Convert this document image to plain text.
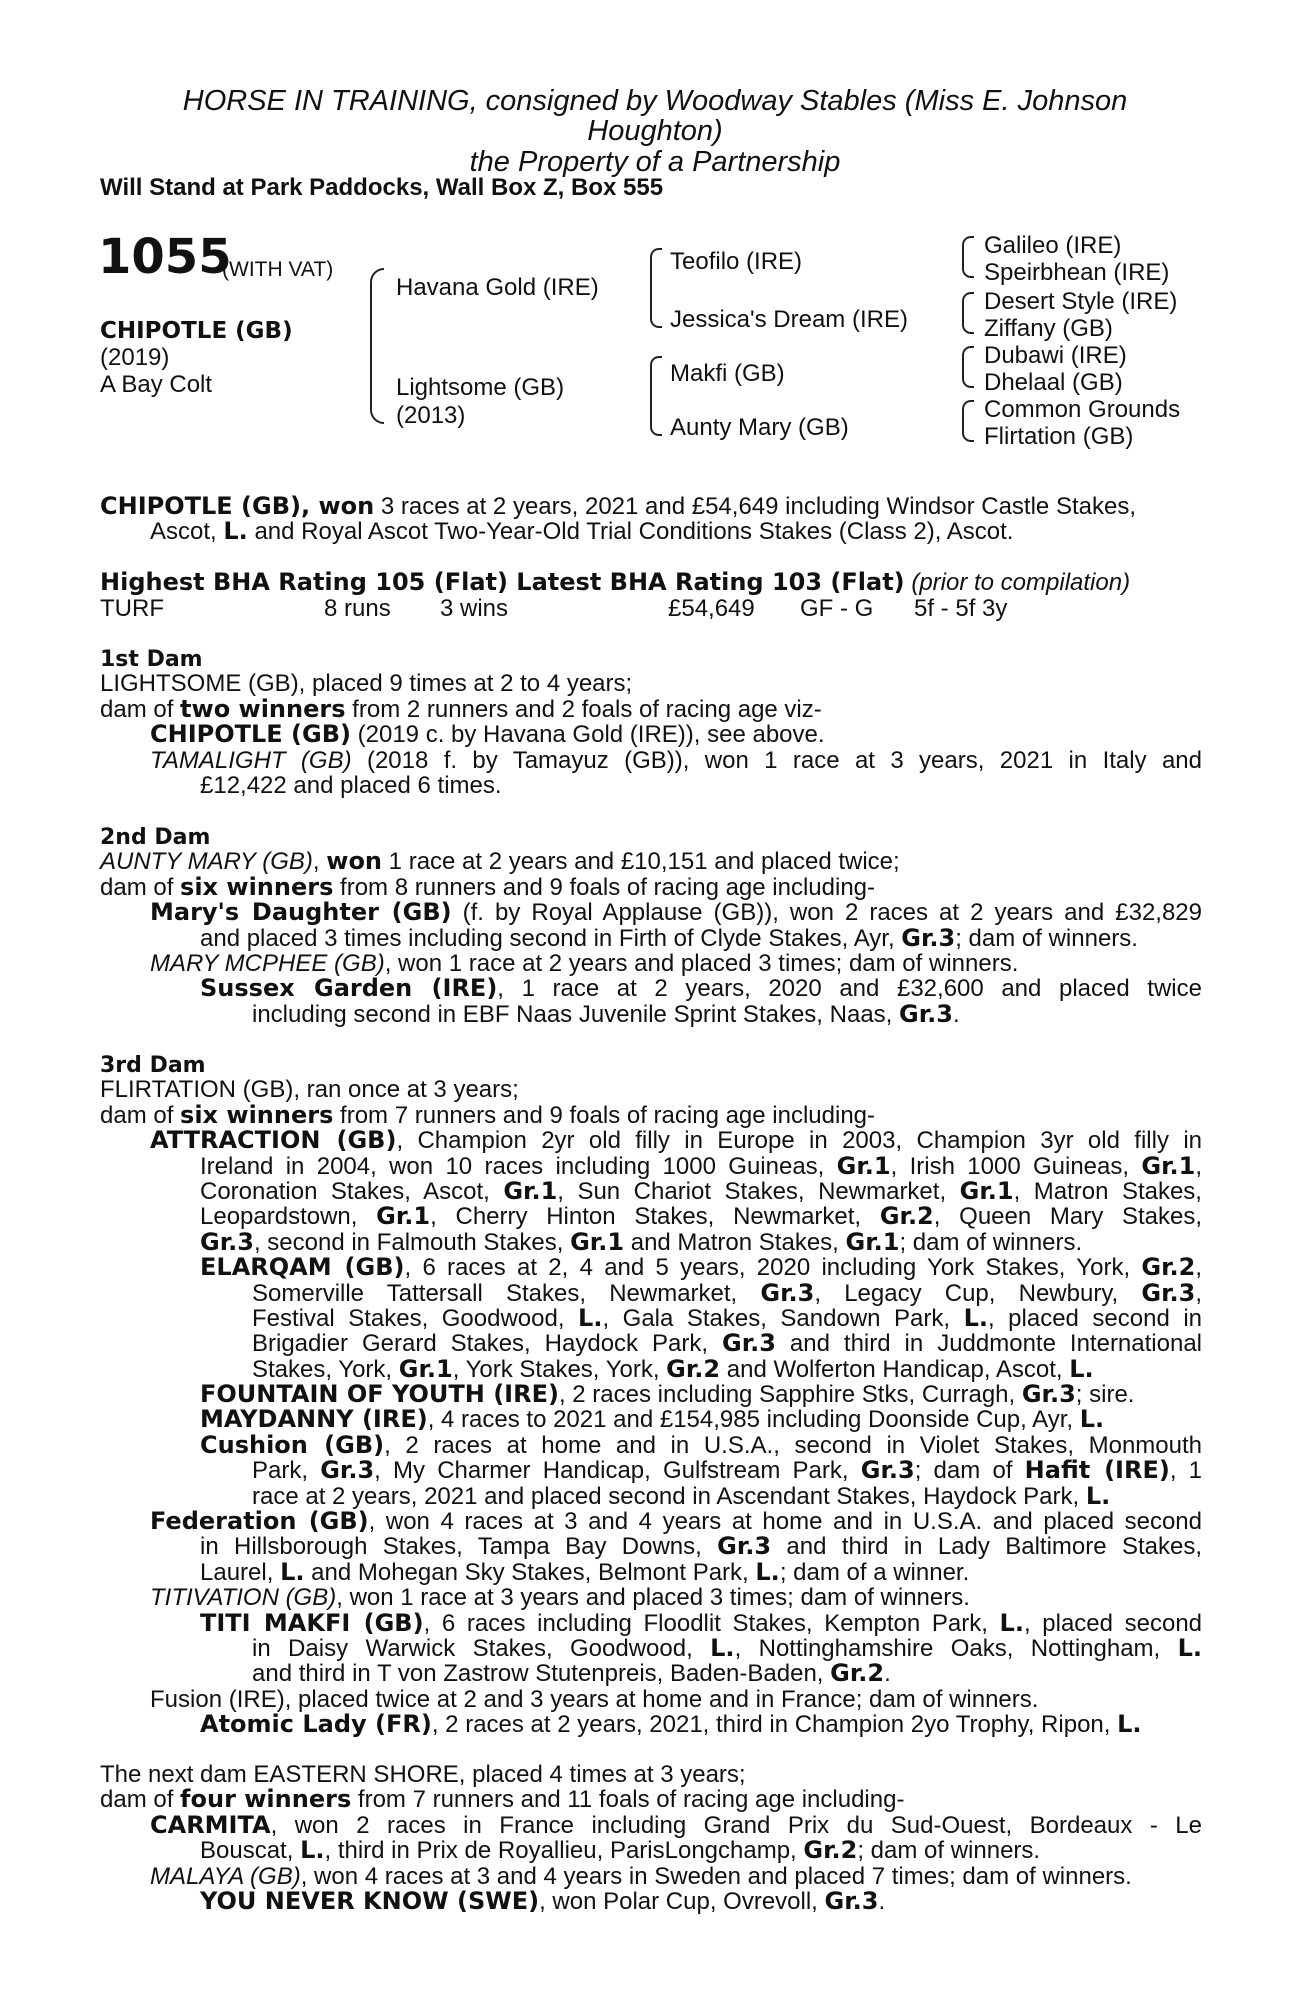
HORSE IN TRAINING, consigned by Woodway Stables (Miss E. Johnson
Houghton)
the Property of a Partnership
Will Stand at Park Paddocks, Wall Box Z, Box 555
1055
(WITH VAT)
CHIPOTLE (GB)
(2019)
A Bay Colt
Havana Gold (IRE)
Lightsome (GB)
(2013)
Teofilo (IRE)
Jessica's Dream (IRE)
Makfi (GB)
Aunty Mary (GB)
Galileo (IRE)
Speirbhean (IRE)
Desert Style (IRE)
Ziffany (GB)
Dubawi (IRE)
Dhelaal (GB)
Common Grounds
Flirtation (GB)
CHIPOTLE (GB), won 3 races at 2 years, 2021 and £54,649 including Windsor Castle Stakes,
Ascot, L. and Royal Ascot Two-Year-Old Trial Conditions Stakes (Class 2), Ascot.
Highest BHA Rating 105 (Flat) Latest BHA Rating 103 (Flat) (prior to compilation)
TURF	8 runs 3 wins	£54,649 GF - G 5f - 5f 3y
1st Dam
LIGHTSOME (GB), placed 9 times at 2 to 4 years;
dam of two winners from 2 runners and 2 foals of racing age viz-
CHIPOTLE (GB) (2019 c. by Havana Gold (IRE)), see above.
TAMALIGHT (GB) (2018 f. by Tamayuz (GB)), won 1 race at 3 years, 2021 in Italy and
£12,422 and placed 6 times.
2nd Dam
AUNTY MARY (GB), won 1 race at 2 years and £10,151 and placed twice;
dam of six winners from 8 runners and 9 foals of racing age including-
Mary's Daughter (GB) (f. by Royal Applause (GB)), won 2 races at 2 years and £32,829
and placed 3 times including second in Firth of Clyde Stakes, Ayr, Gr.3; dam of winners.
MARY MCPHEE (GB), won 1 race at 2 years and placed 3 times; dam of winners.
Sussex Garden (IRE), 1 race at 2 years, 2020 and £32,600 and placed twice
including second in EBF Naas Juvenile Sprint Stakes, Naas, Gr.3.
3rd Dam
FLIRTATION (GB), ran once at 3 years;
dam of six winners from 7 runners and 9 foals of racing age including-
ATTRACTION (GB), Champion 2yr old filly in Europe in 2003, Champion 3yr old filly in
Ireland in 2004, won 10 races including 1000 Guineas, Gr.1, Irish 1000 Guineas, Gr.1,
Coronation Stakes, Ascot, Gr.1, Sun Chariot Stakes, Newmarket, Gr.1, Matron Stakes,
Leopardstown, Gr.1, Cherry Hinton Stakes, Newmarket, Gr.2, Queen Mary Stakes,
Gr.3, second in Falmouth Stakes, Gr.1 and Matron Stakes, Gr.1; dam of winners.
ELARQAM (GB), 6 races at 2, 4 and 5 years, 2020 including York Stakes, York, Gr.2,
Somerville Tattersall Stakes, Newmarket, Gr.3, Legacy Cup, Newbury, Gr.3,
Festival Stakes, Goodwood, L., Gala Stakes, Sandown Park, L., placed second in
Brigadier Gerard Stakes, Haydock Park, Gr.3 and third in Juddmonte International
Stakes, York, Gr.1, York Stakes, York, Gr.2 and Wolferton Handicap, Ascot, L.
FOUNTAIN OF YOUTH (IRE), 2 races including Sapphire Stks, Curragh, Gr.3; sire.
MAYDANNY (IRE), 4 races to 2021 and £154,985 including Doonside Cup, Ayr, L.
Cushion (GB), 2 races at home and in U.S.A., second in Violet Stakes, Monmouth
Park, Gr.3, My Charmer Handicap, Gulfstream Park, Gr.3; dam of Hafit (IRE), 1
race at 2 years, 2021 and placed second in Ascendant Stakes, Haydock Park, L.
Federation (GB), won 4 races at 3 and 4 years at home and in U.S.A. and placed second
in Hillsborough Stakes, Tampa Bay Downs, Gr.3 and third in Lady Baltimore Stakes,
Laurel, L. and Mohegan Sky Stakes, Belmont Park, L.; dam of a winner.
TITIVATION (GB), won 1 race at 3 years and placed 3 times; dam of winners.
TITI MAKFI (GB), 6 races including Floodlit Stakes, Kempton Park, L., placed second
in Daisy Warwick Stakes, Goodwood, L., Nottinghamshire Oaks, Nottingham, L.
and third in T von Zastrow Stutenpreis, Baden-Baden, Gr.2.
Fusion (IRE), placed twice at 2 and 3 years at home and in France; dam of winners.
Atomic Lady (FR), 2 races at 2 years, 2021, third in Champion 2yo Trophy, Ripon, L.
The next dam EASTERN SHORE, placed 4 times at 3 years;
dam of four winners from 7 runners and 11 foals of racing age including-
CARMITA, won 2 races in France including Grand Prix du Sud-Ouest, Bordeaux - Le
Bouscat, L., third in Prix de Royallieu, ParisLongchamp, Gr.2; dam of winners.
MALAYA (GB), won 4 races at 3 and 4 years in Sweden and placed 7 times; dam of winners.
YOU NEVER KNOW (SWE), won Polar Cup, Ovrevoll, Gr.3.
